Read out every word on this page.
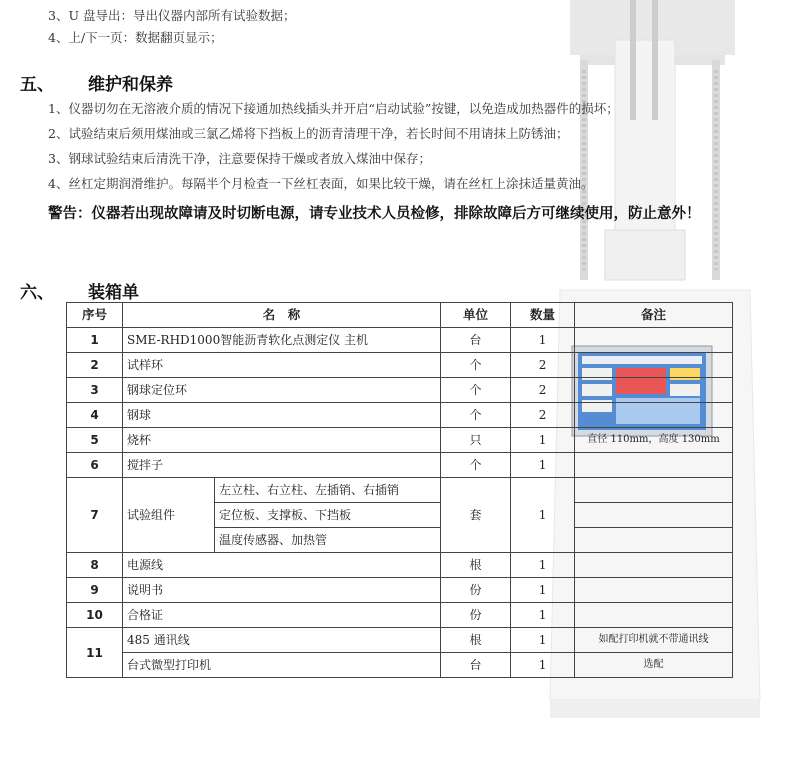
3、U 盘导出：导出仪器内部所有试验数据；
4、上/下一页：数据翻页显示；
五、 维护和保养
1、仪器切勿在无溶液介质的情况下接通加热线插头并开启“启动试验”按键，以免造成加热器件的损坏；
2、试验结束后须用煤油或三氯乙烯将下挡板上的沥青清理干净，若长时间不用请抹上防锈油；
3、钢球试验结束后清洗干净，注意要保持干燥或者放入煤油中保存；
4、丝杠定期润滑维护。每隔半个月检查一下丝杠表面，如果比较干燥，请在丝杠上涂抹适量黄油。
警告：仪器若出现故障请及时切断电源，请专业技术人员检修，排除故障后方可继续使用，防止意外！
六、 装箱单
序号	名　称		单位	数量	备注
1	SME-RHD1000智能沥青软化点测定仪 主机		台	1	
2	试样环		个	2	
3	钢球定位环		个	2	
4	钢球		个	2	
5	烧杯		只	1	直径 110mm，高度 130mm
6	搅拌子		个	1	
7	试验组件	左立柱、右立柱、左插销、右插销	套	1	
		定位板、支撑板、下挡板			
		温度传感器、加热管			
8	电源线		根	1	
9	说明书		份	1	
10	合格证		份	1	
11	485 通讯线		根	1	如配打印机就不带通讯线
	台式微型打印机		台	1	选配
